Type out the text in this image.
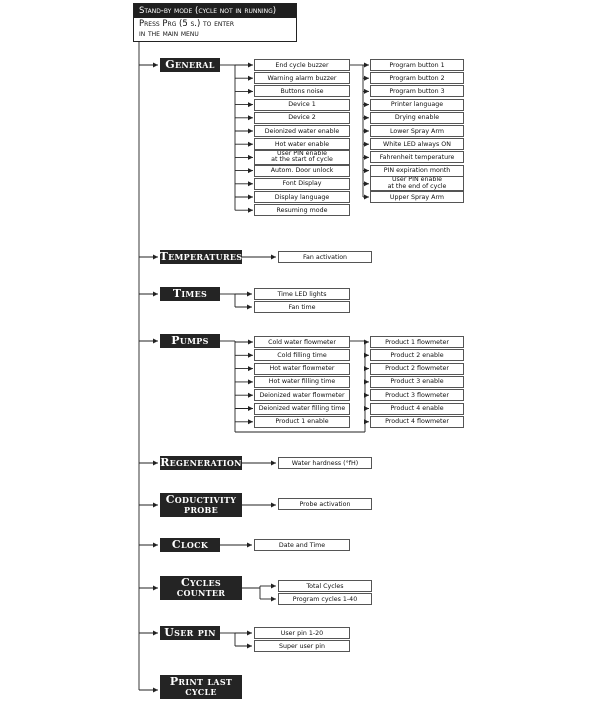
Stand-by mode (cycle not in running)
Press Prg (5 s.) to enter
in the main menu
General
Temperatures
Times
Pumps
Regeneration
Coductivity
probe
Clock
Cycles
counter
User pin
Print last
cycle
End cycle buzzer
Warning alarm buzzer
Buttons noise
Device 1
Device 2
Deionized water enable
Hot water enable
User PIN enable
at the start of cycle
Autom. Door unlock
Font Display
Display language
Resuming mode
Program button 1
Program button 2
Program button 3
Printer language
Drying enable
Lower Spray Arm
White LED always ON
Fahrenheit temperature
PIN expiration month
User PIN enable
at the end of cycle
Upper Spray Arm
Fan activation
Time LED lights
Fan time
Cold water flowmeter
Cold filling time
Hot water flowmeter
Hot water filling time
Deionized water flowmeter
Deionized water filling time
Product 1 enable
Product 1 flowmeter
Product 2 enable
Product 2 flowmeter
Product 3 enable
Product 3 flowmeter
Product 4 enable
Product 4 flowmeter
Water hardness (°fH)
Probe activation
Date and Time
Total Cycles
Program cycles 1-40
User pin 1-20
Super user pin
